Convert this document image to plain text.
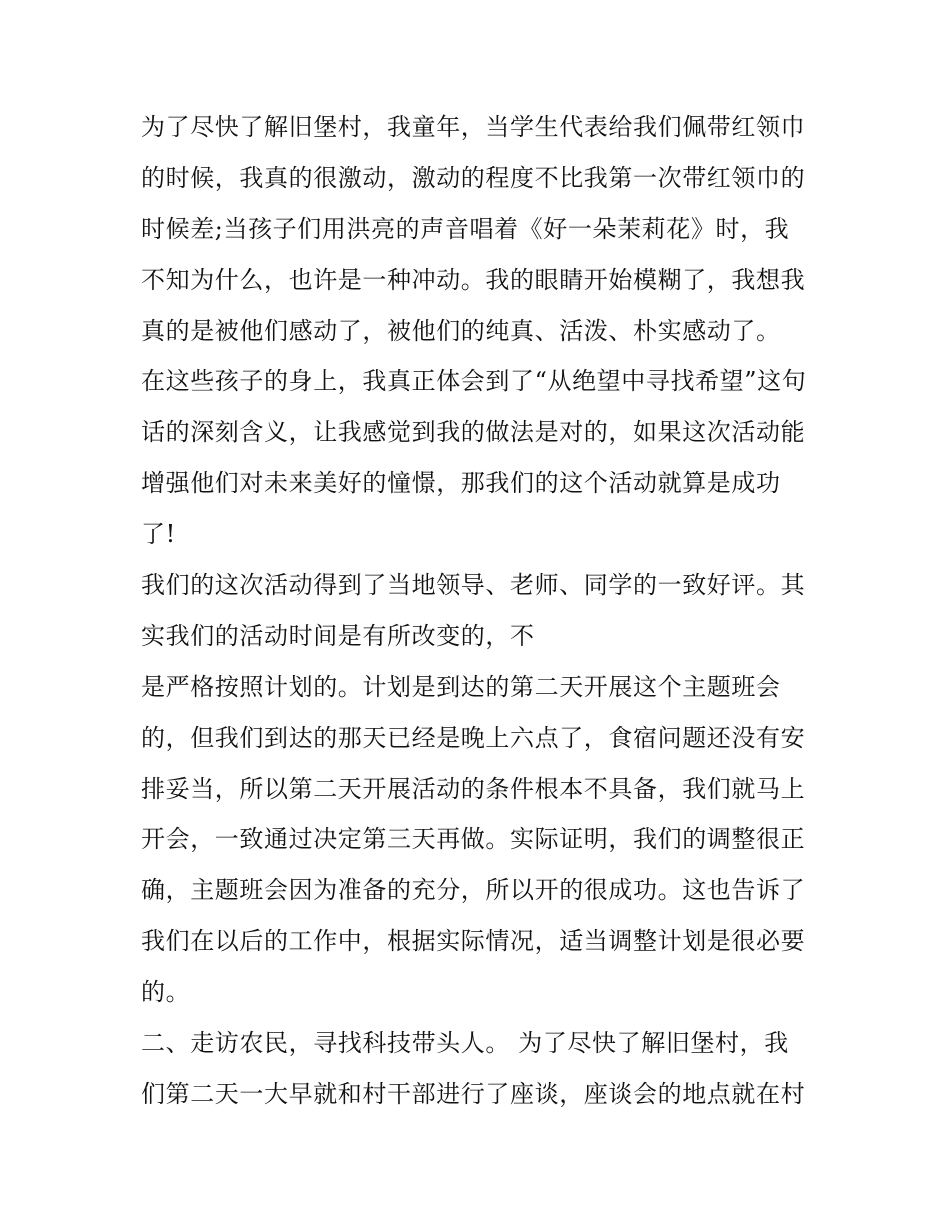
为了尽快了解旧堡村，我童年，当学生代表给我们佩带红领巾
的时候，我真的很激动，激动的程度不比我第一次带红领巾的
时候差;当孩子们用洪亮的声音唱着《好一朵茉莉花》时，我
不知为什么，也许是一种冲动。我的眼睛开始模糊了，我想我
真的是被他们感动了，被他们的纯真、活泼、朴实感动了。
在这些孩子的身上，我真正体会到了“从绝望中寻找希望”这句
话的深刻含义，让我感觉到我的做法是对的，如果这次活动能
增强他们对未来美好的憧憬，那我们的这个活动就算是成功
了!
我们的这次活动得到了当地领导、老师、同学的一致好评。其
实我们的活动时间是有所改变的，不
是严格按照计划的。计划是到达的第二天开展这个主题班会
的，但我们到达的那天已经是晚上六点了，食宿问题还没有安
排妥当，所以第二天开展活动的条件根本不具备，我们就马上
开会，一致通过决定第三天再做。实际证明，我们的调整很正
确，主题班会因为准备的充分，所以开的很成功。这也告诉了
我们在以后的工作中，根据实际情况，适当调整计划是很必要
的。
二、走访农民，寻找科技带头人。 为了尽快了解旧堡村，我
们第二天一大早就和村干部进行了座谈，座谈会的地点就在村
